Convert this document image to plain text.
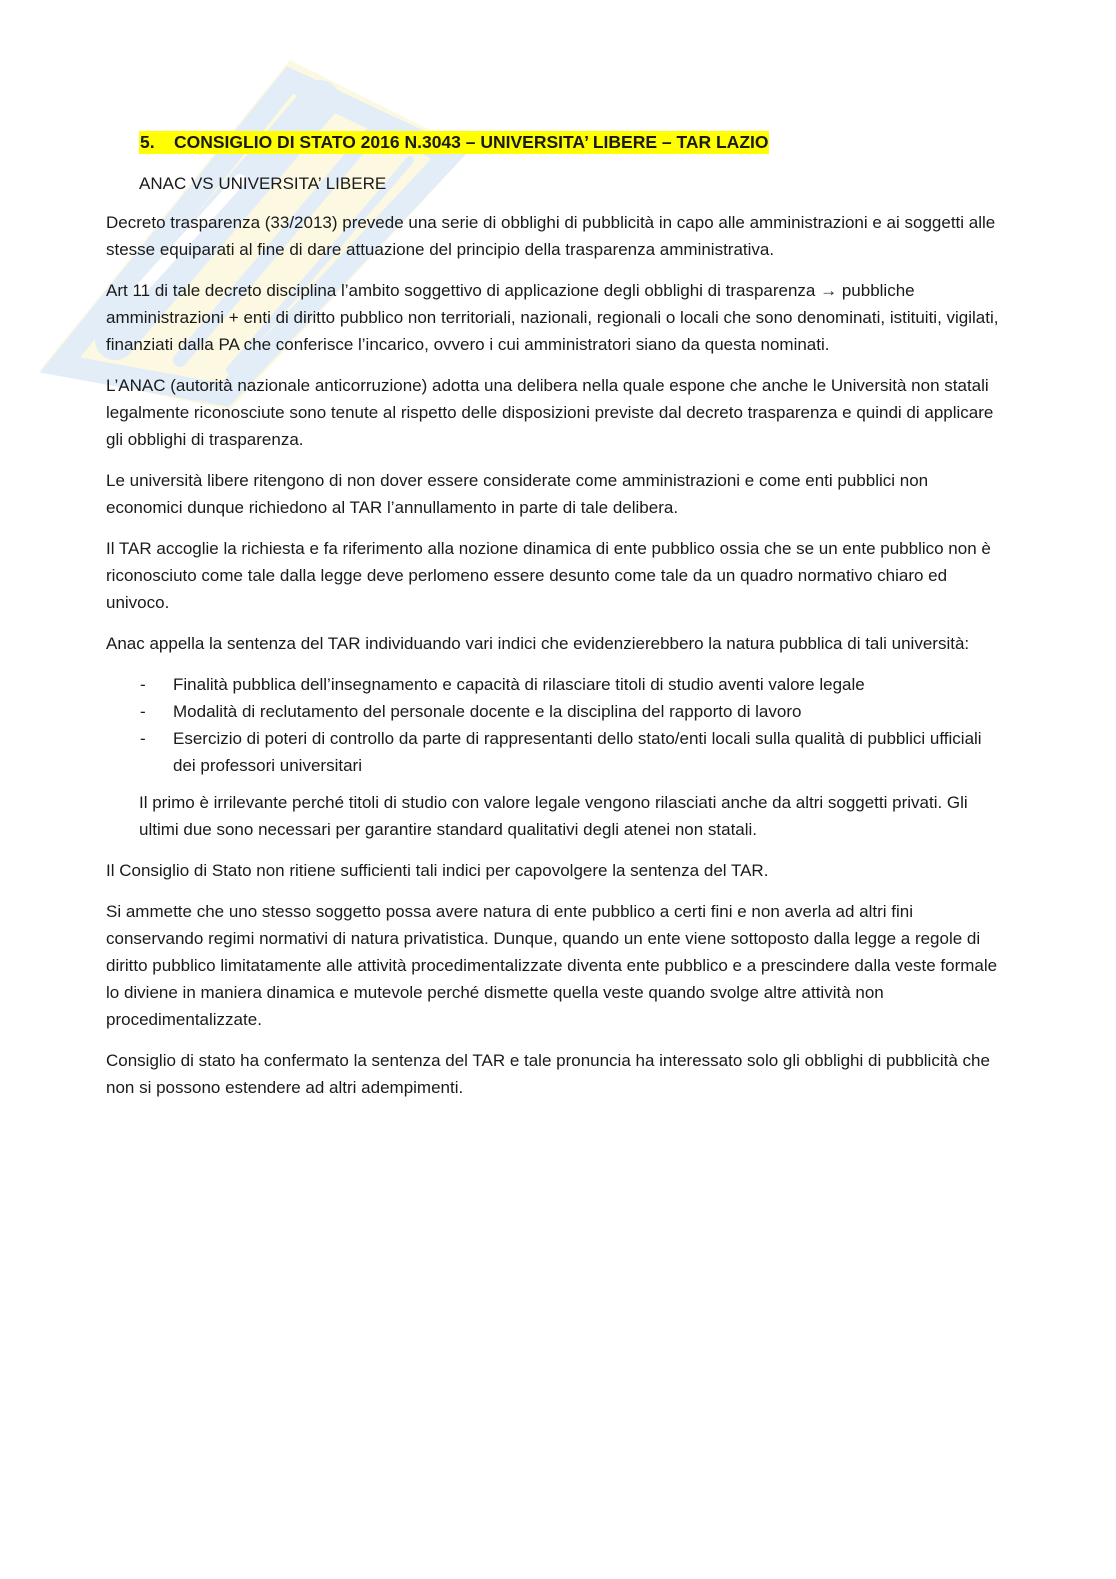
5. CONSIGLIO DI STATO 2016 N.3043 – UNIVERSITA’ LIBERE – TAR LAZIO
ANAC VS UNIVERSITA’ LIBERE

Decreto trasparenza (33/2013) prevede una serie di obblighi di pubblicità in capo alle amministrazioni e ai soggetti alle stesse equiparati al fine di dare attuazione del principio della trasparenza amministrativa.

Art 11 di tale decreto disciplina l’ambito soggettivo di applicazione degli obblighi di trasparenza → pubbliche amministrazioni + enti di diritto pubblico non territoriali, nazionali, regionali o locali che sono denominati, istituiti, vigilati, finanziati dalla PA che conferisce l’incarico, ovvero i cui amministratori siano da questa nominati.

L’ANAC (autorità nazionale anticorruzione) adotta una delibera nella quale espone che anche le Università non statali legalmente riconosciute sono tenute al rispetto delle disposizioni previste dal decreto trasparenza e quindi di applicare gli obblighi di trasparenza.

Le università libere ritengono di non dover essere considerate come amministrazioni e come enti pubblici non economici dunque richiedono al TAR l’annullamento in parte di tale delibera.

Il TAR accoglie la richiesta e fa riferimento alla nozione dinamica di ente pubblico ossia che se un ente pubblico non è riconosciuto come tale dalla legge deve perlomeno essere desunto come tale da un quadro normativo chiaro ed univoco.

Anac appella la sentenza del TAR individuando vari indici che evidenzierebbero la natura pubblica di tali università:

- Finalità pubblica dell’insegnamento e capacità di rilasciare titoli di studio aventi valore legale
- Modalità di reclutamento del personale docente e la disciplina del rapporto di lavoro
- Esercizio di poteri di controllo da parte di rappresentanti dello stato/enti locali sulla qualità di pubblici ufficiali dei professori universitari

Il primo è irrilevante perché titoli di studio con valore legale vengono rilasciati anche da altri soggetti privati. Gli ultimi due sono necessari per garantire standard qualitativi degli atenei non statali.

Il Consiglio di Stato non ritiene sufficienti tali indici per capovolgere la sentenza del TAR.

Si ammette che uno stesso soggetto possa avere natura di ente pubblico a certi fini e non averla ad altri fini conservando regimi normativi di natura privatistica. Dunque, quando un ente viene sottoposto dalla legge a regole di diritto pubblico limitatamente alle attività procedimentalizzate diventa ente pubblico e a prescindere dalla veste formale lo diviene in maniera dinamica e mutevole perché dismette quella veste quando svolge altre attività non procedimentalizzate.

Consiglio di stato ha confermato la sentenza del TAR e tale pronuncia ha interessato solo gli obblighi di pubblicità che non si possono estendere ad altri adempimenti.
